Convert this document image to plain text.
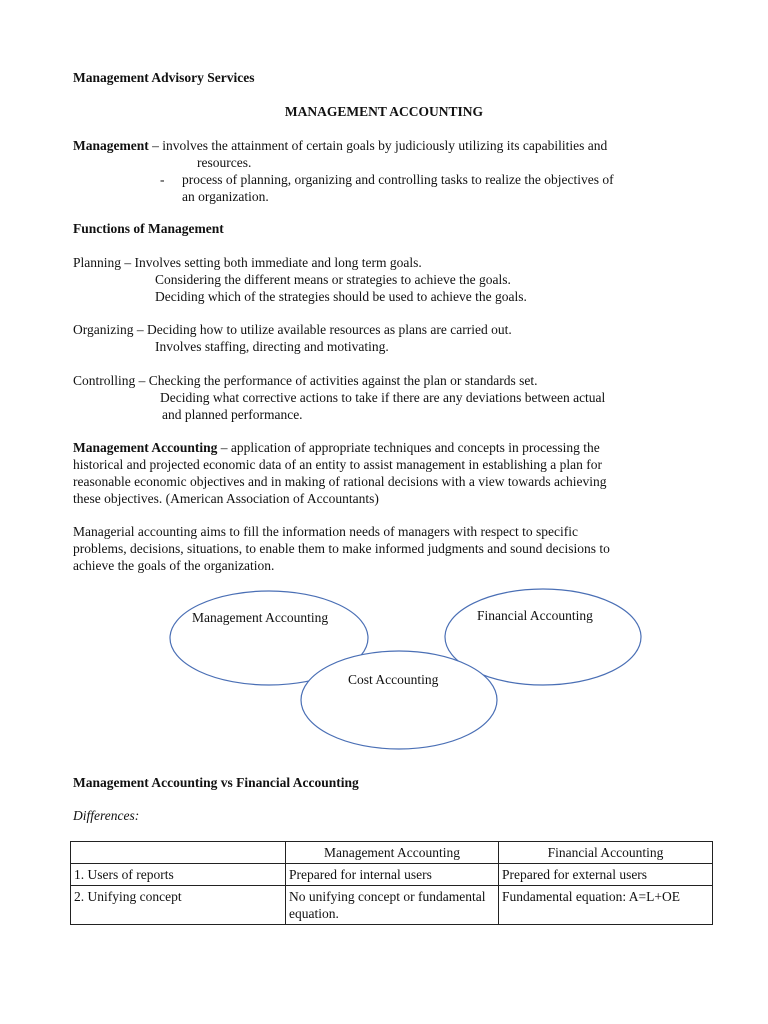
Management Advisory Services
MANAGEMENT ACCOUNTING
Management – involves the attainment of certain goals by judiciously utilizing its capabilities and
resources.
- process of planning, organizing and controlling tasks to realize the objectives of
an organization.
Functions of Management
Planning – Involves setting both immediate and long term goals.
Considering the different means or strategies to achieve the goals.
Deciding which of the strategies should be used to achieve the goals.
Organizing – Deciding how to utilize available resources as plans are carried out.
Involves staffing, directing and motivating.
Controlling – Checking the performance of activities against the plan or standards set.
Deciding what corrective actions to take if there are any deviations between actual
and planned performance.
Management Accounting – application of appropriate techniques and concepts in processing the
historical and projected economic data of an entity to assist management in establishing a plan for
reasonable economic objectives and in making of rational decisions with a view towards achieving
these objectives. (American Association of Accountants)
Managerial accounting aims to fill the information needs of managers with respect to specific
problems, decisions, situations, to enable them to make informed judgments and sound decisions to
achieve the goals of the organization.
Management Accounting	Financial Accounting
Cost Accounting
Management Accounting vs Financial Accounting
Differences:
	Management Accounting	Financial Accounting
1. Users of reports	Prepared for internal users	Prepared for external users
2. Unifying concept	No unifying concept or fundamental equation.	Fundamental equation: A=L+OE
